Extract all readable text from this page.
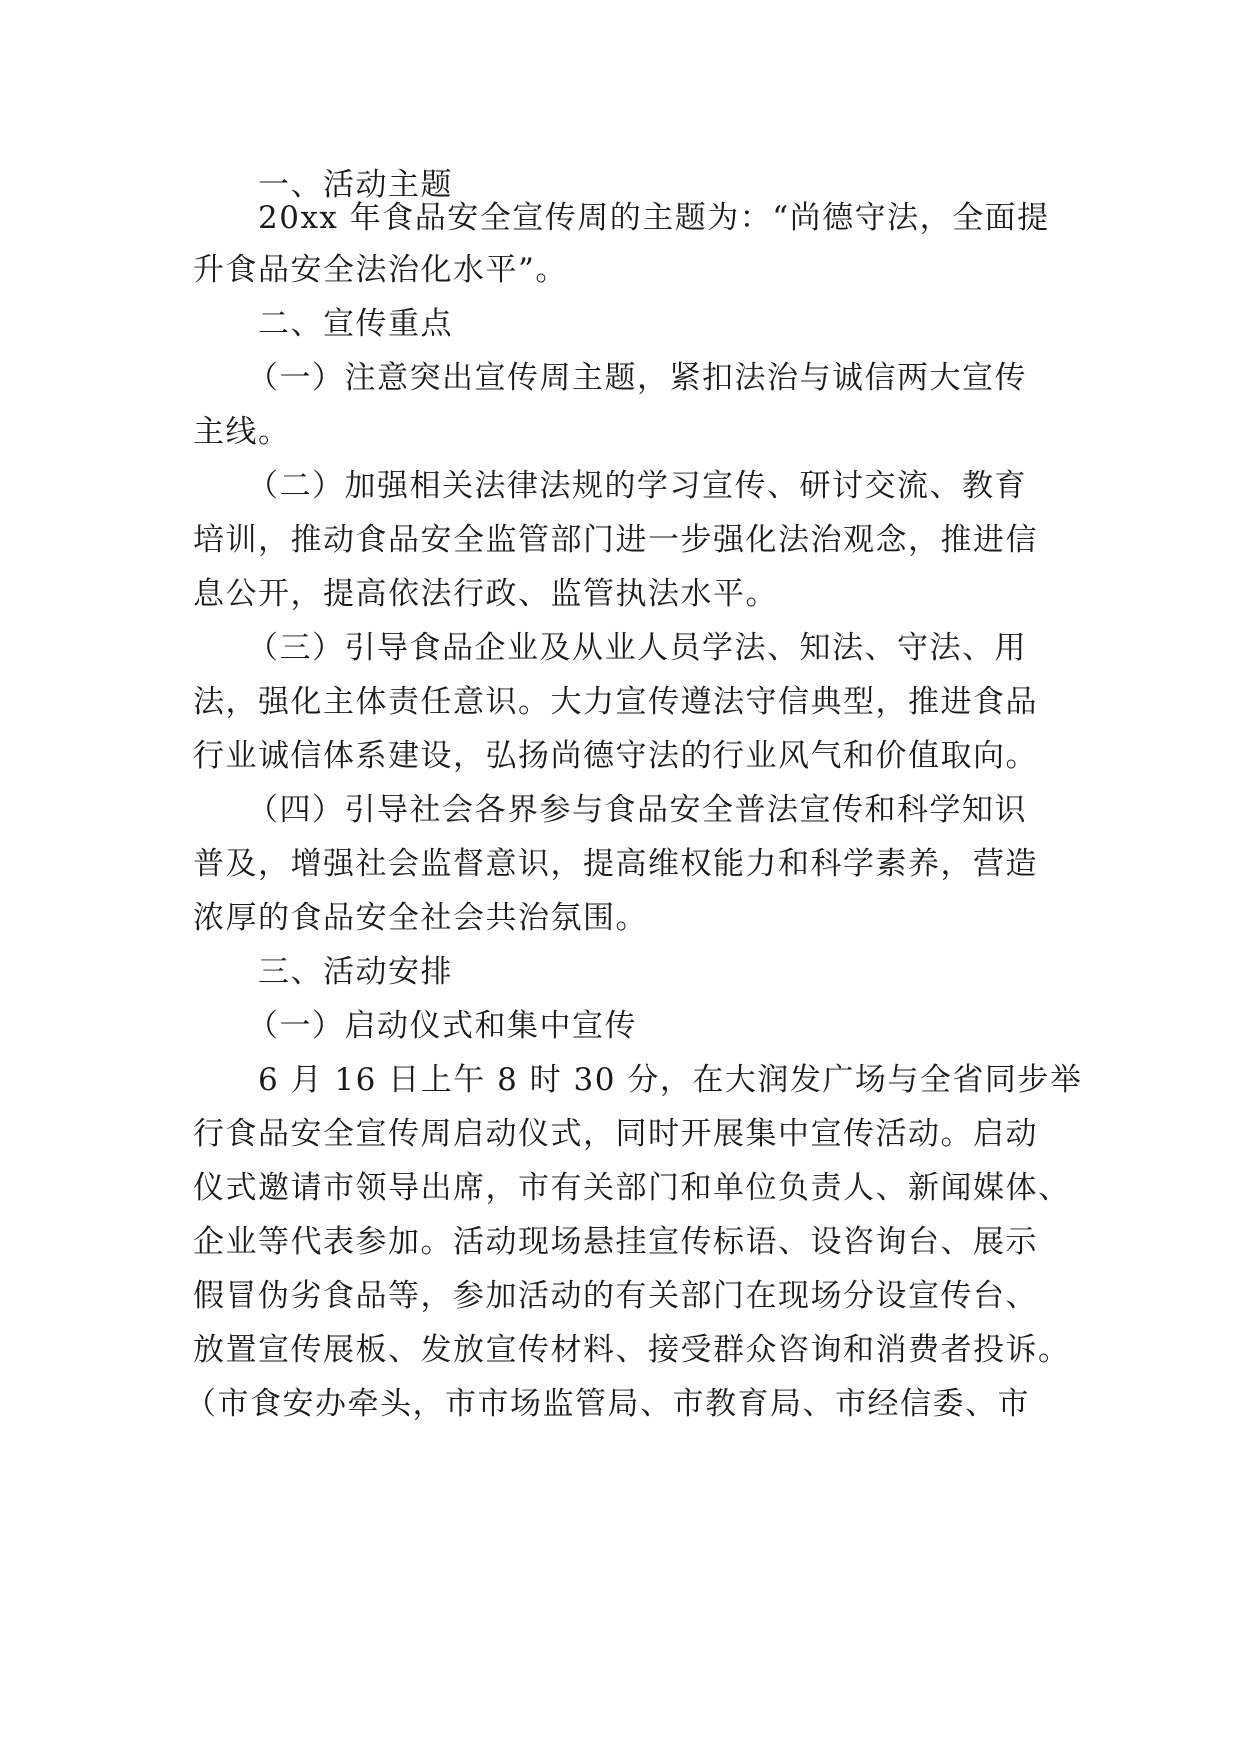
一、活动主题
20xx 年食品安全宣传周的主题为：“尚德守法，全面提
升食品安全法治化水平”。
二、宣传重点
（一）注意突出宣传周主题，紧扣法治与诚信两大宣传
主线。
（二）加强相关法律法规的学习宣传、研讨交流、教育
培训，推动食品安全监管部门进一步强化法治观念，推进信
息公开，提高依法行政、监管执法水平。
（三）引导食品企业及从业人员学法、知法、守法、用
法，强化主体责任意识。大力宣传遵法守信典型，推进食品
行业诚信体系建设，弘扬尚德守法的行业风气和价值取向。
（四）引导社会各界参与食品安全普法宣传和科学知识
普及，增强社会监督意识，提高维权能力和科学素养，营造
浓厚的食品安全社会共治氛围。
三、活动安排
（一）启动仪式和集中宣传
6 月 16 日上午 8 时 30 分，在大润发广场与全省同步举
行食品安全宣传周启动仪式，同时开展集中宣传活动。启动
仪式邀请市领导出席，市有关部门和单位负责人、新闻媒体、
企业等代表参加。活动现场悬挂宣传标语、设咨询台、展示
假冒伪劣食品等，参加活动的有关部门在现场分设宣传台、
放置宣传展板、发放宣传材料、接受群众咨询和消费者投诉。
（市食安办牵头，市市场监管局、市教育局、市经信委、市
